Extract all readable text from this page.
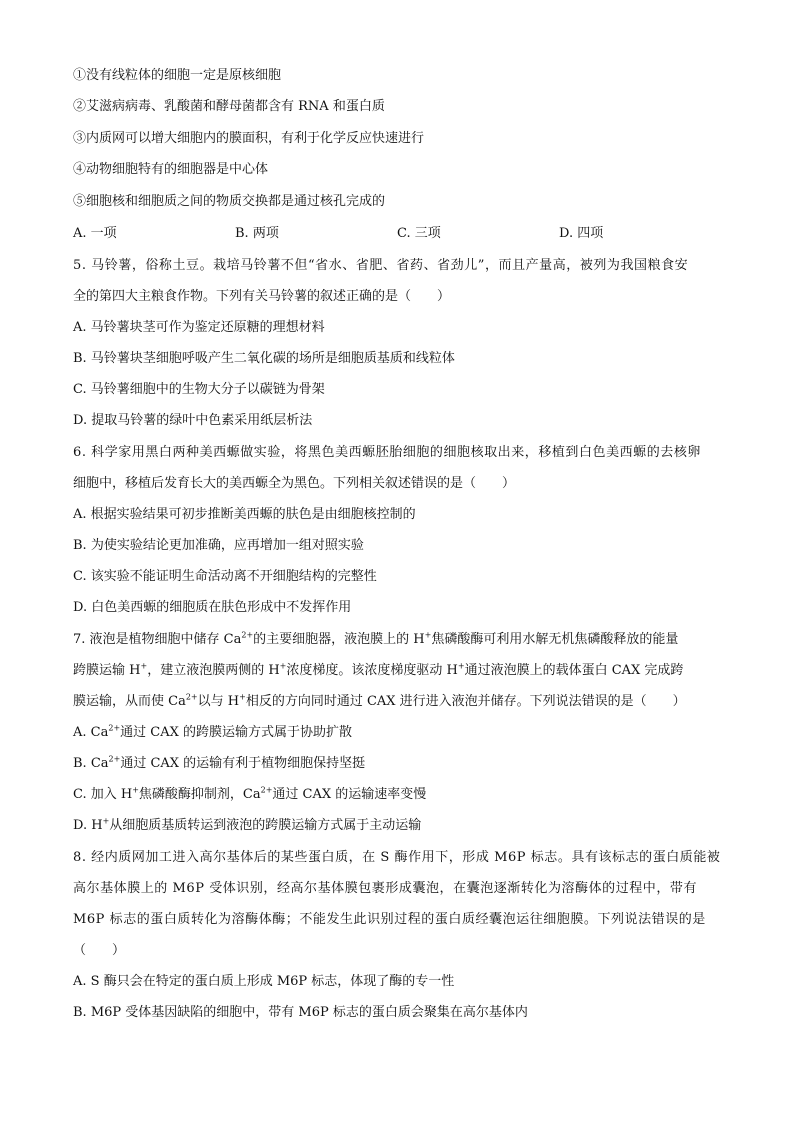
①没有线粒体的细胞一定是原核细胞
②艾滋病病毒、乳酸菌和酵母菌都含有 RNA 和蛋白质
③内质网可以增大细胞内的膜面积，有利于化学反应快速进行
④动物细胞特有的细胞器是中心体
⑤细胞核和细胞质之间的物质交换都是通过核孔完成的
A. 一项	B. 两项	C. 三项	D. 四项
5. 马铃薯，俗称土豆。栽培马铃薯不但“省水、省肥、省药、省劲儿”，而且产量高，被列为我国粮食安
全的第四大主粮食作物。下列有关马铃薯的叙述正确的是（　　）
A. 马铃薯块茎可作为鉴定还原糖的理想材料
B. 马铃薯块茎细胞呼吸产生二氧化碳的场所是细胞质基质和线粒体
C. 马铃薯细胞中的生物大分子以碳链为骨架
D. 提取马铃薯的绿叶中色素采用纸层析法
6. 科学家用黑白两种美西螈做实验，将黑色美西螈胚胎细胞的细胞核取出来，移植到白色美西螈的去核卵
细胞中，移植后发育长大的美西螈全为黑色。下列相关叙述错误的是（　　）
A. 根据实验结果可初步推断美西螈的肤色是由细胞核控制的
B. 为使实验结论更加准确，应再增加一组对照实验
C. 该实验不能证明生命活动离不开细胞结构的完整性
D. 白色美西螈的细胞质在肤色形成中不发挥作用
7. 液泡是植物细胞中储存 $Ca^{2+}$的主要细胞器，液泡膜上的 H+焦磷酸酶可利用水解无机焦磷酸释放的能量
跨膜运输 H+，建立液泡膜两侧的 H+浓度梯度。该浓度梯度驱动 H+通过液泡膜上的载体蛋白 CAX 完成跨
膜运输，从而使 $Ca^{2+}$以与 H+相反的方向同时通过 CAX 进行进入液泡并储存。下列说法错误的是（　　）
A. $Ca^{2+}$通过 CAX 的跨膜运输方式属于协助扩散
B. $Ca^{2+}$通过 CAX 的运输有利于植物细胞保持坚挺
C. 加入 H+焦磷酸酶抑制剂，$Ca^{2+}$通过 CAX 的运输速率变慢
D. H+从细胞质基质转运到液泡的跨膜运输方式属于主动运输
8. 经内质网加工进入高尔基体后的某些蛋白质，在 S 酶作用下，形成 M6P 标志。具有该标志的蛋白质能被
高尔基体膜上的 M6P 受体识别，经高尔基体膜包裹形成囊泡，在囊泡逐渐转化为溶酶体的过程中，带有
M6P 标志的蛋白质转化为溶酶体酶；不能发生此识别过程的蛋白质经囊泡运往细胞膜。下列说法错误的是
（　　）
A. S 酶只会在特定的蛋白质上形成 M6P 标志，体现了酶的专一性
B. M6P 受体基因缺陷的细胞中，带有 M6P 标志的蛋白质会聚集在高尔基体内
